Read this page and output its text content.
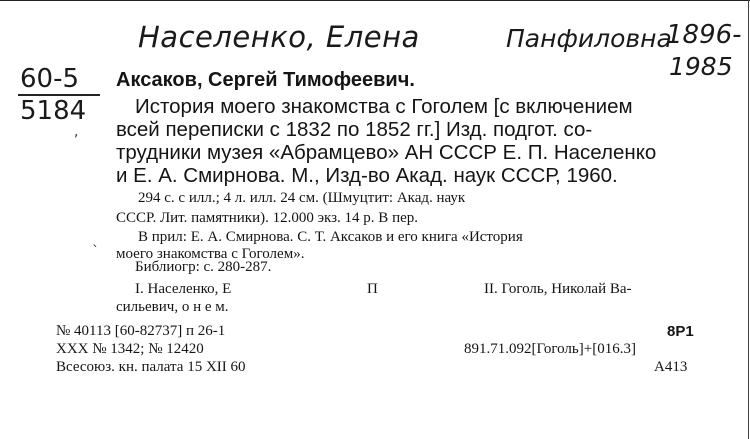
Населенко, Елена	Панфиловна
1896-
1985
60-5
5184
Аксаков, Сергей Тимофеевич.
История моего знакомства с Гоголем [с включением
всей переписки с 1832 по 1852 гг.] Изд. подгот. со-
трудники музея «Абрамцево» АН СССР Е. П. Населенко
и Е. А. Смирнова. М., Изд-во Акад. наук СССР, 1960.
294 с. с илл.; 4 л. илл. 24 см. (Шмуцтит: Акад. наук
СССР. Лит. памятники). 12.000 экз. 14 р. В пер.
В прил: Е. А. Смирнова. С. Т. Аксаков и его книга «История
моего знакомства с Гоголем».
Библиогр: с. 280-287.
I. Населенко, Е	П	II. Гоголь, Николай Ва-
сильевич, о н е м.
№ 40113 [60-82737] п 26-1
ХХХ № 1342; № 12420
Всесоюз. кн. палата 15 XII 60
8Р1
891.71.092[Гоголь]+[016.3]
А413
,
`
